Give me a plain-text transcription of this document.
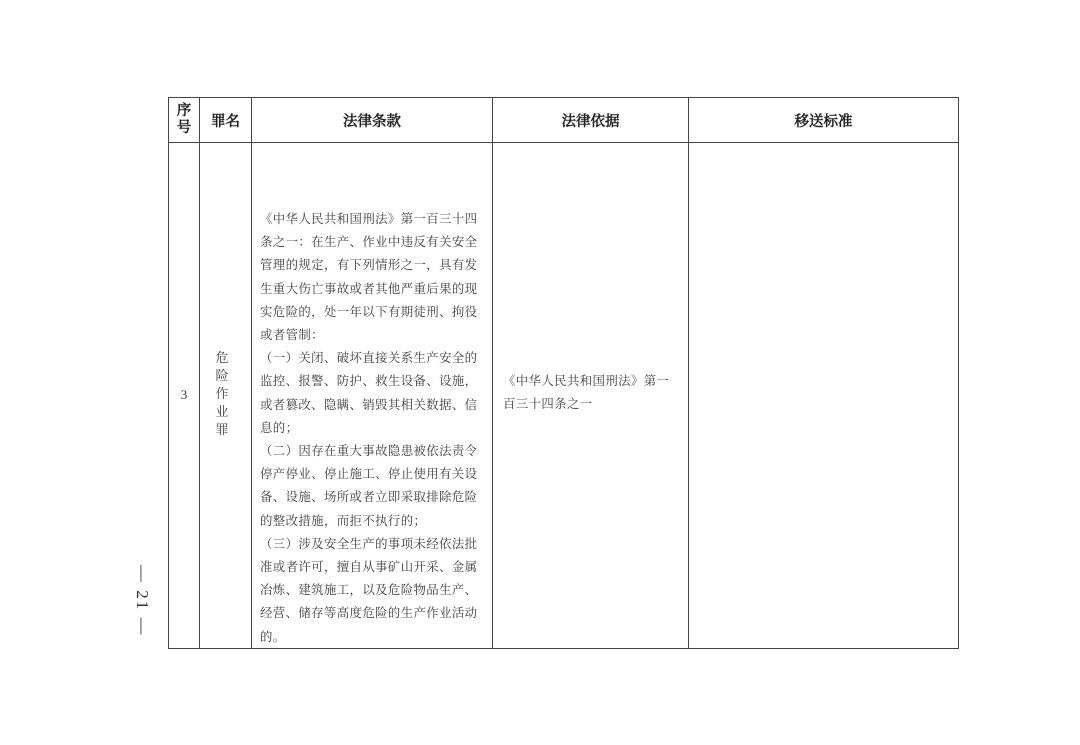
— 21 —
序号	罪名	法律条款	法律依据	移送标准
3	危险作业罪	《中华人民共和国刑法》第一百三十四条之一：在生产、作业中违反有关安全管理的规定，有下列情形之一，具有发生重大伤亡事故或者其他严重后果的现实危险的，处一年以下有期徒刑、拘役或者管制：
（一）关闭、破坏直接关系生产安全的监控、报警、防护、救生设备、设施，或者篡改、隐瞒、销毁其相关数据、信息的；
（二）因存在重大事故隐患被依法责令停产停业、停止施工、停止使用有关设备、设施、场所或者立即采取排除危险的整改措施，而拒不执行的；
（三）涉及安全生产的事项未经依法批准或者许可，擅自从事矿山开采、金属冶炼、建筑施工，以及危险物品生产、经营、储存等高度危险的生产作业活动的。	《中华人民共和国刑法》第一百三十四条之一	
